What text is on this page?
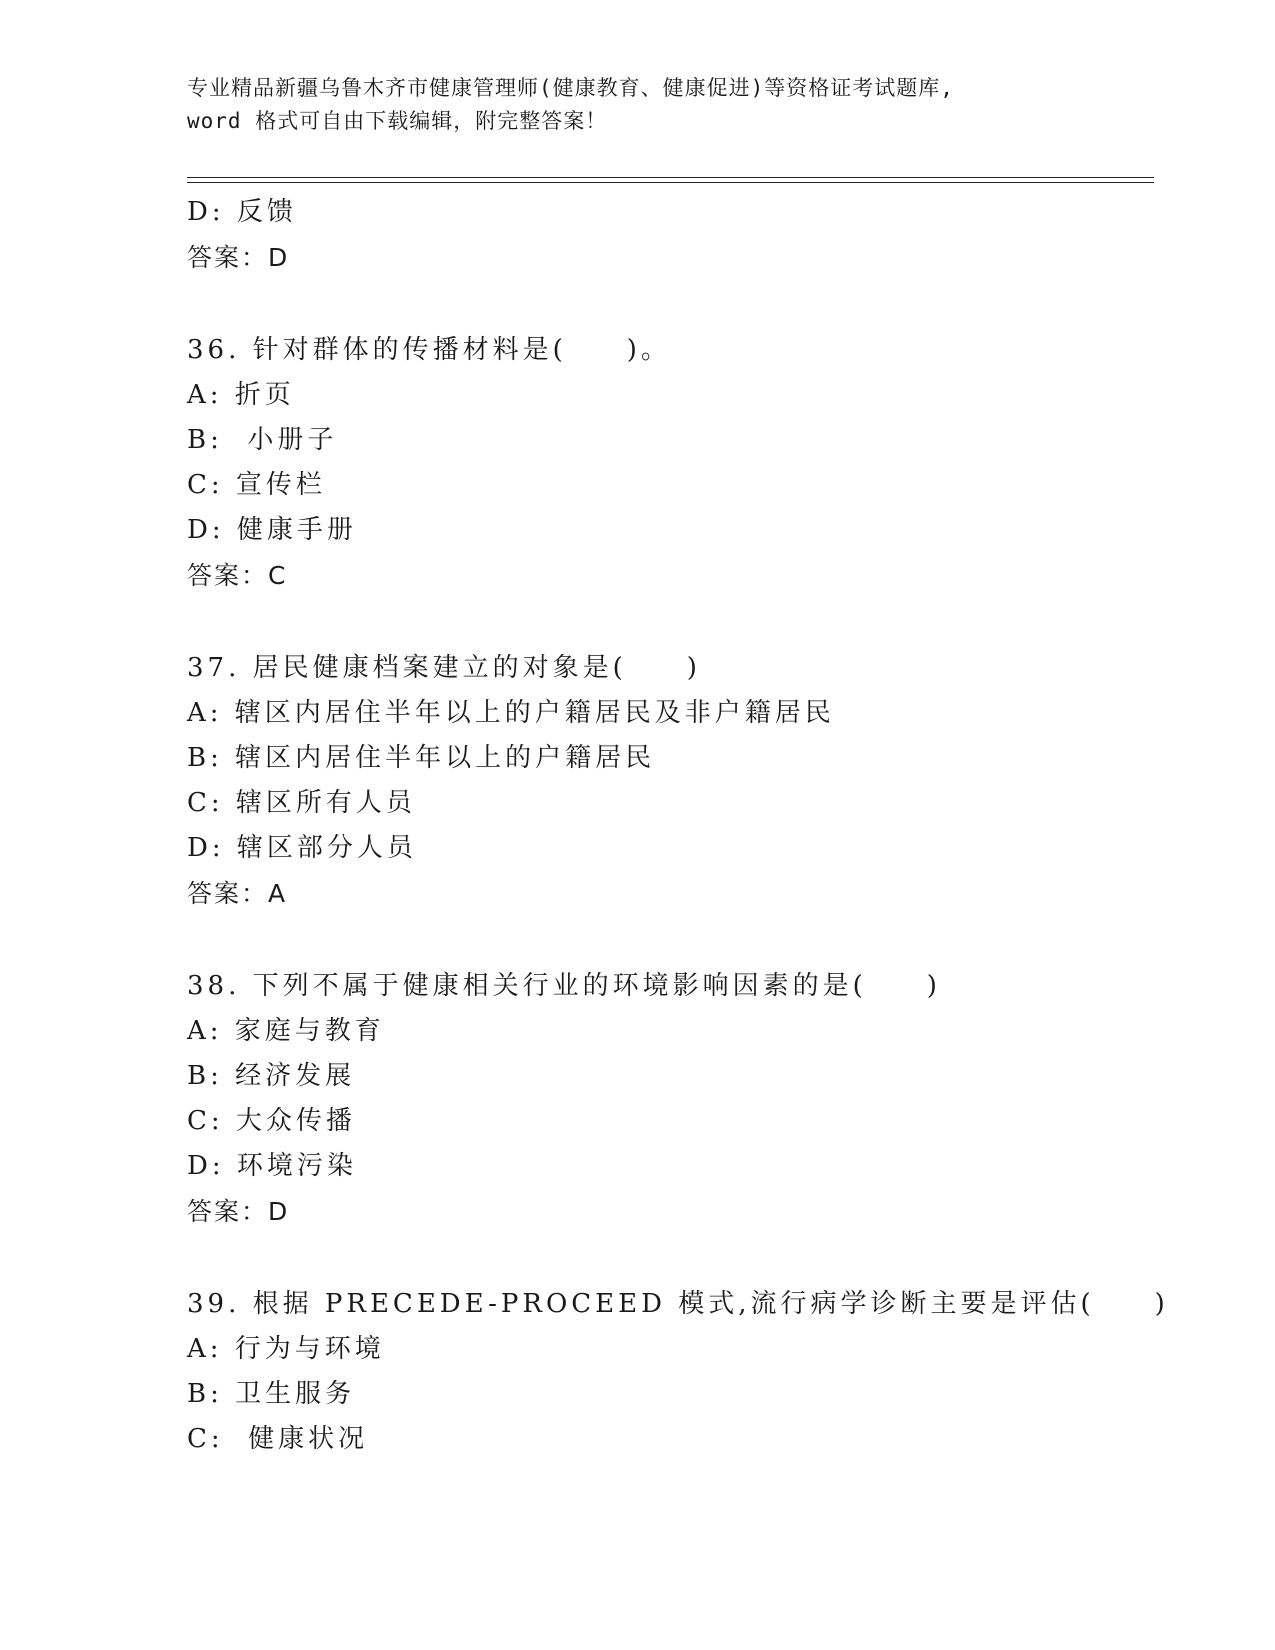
专业精品新疆乌鲁木齐市健康管理师(健康教育、健康促进)等资格证考试题库,
word 格式可自由下载编辑，附完整答案！
D: 反馈
答案：D
36. 针对群体的传播材料是(　　)。
A: 折页
B:  小册子
C: 宣传栏
D: 健康手册
答案：C
37. 居民健康档案建立的对象是(　　)
A: 辖区内居住半年以上的户籍居民及非户籍居民
B: 辖区内居住半年以上的户籍居民
C: 辖区所有人员
D: 辖区部分人员
答案：A
38. 下列不属于健康相关行业的环境影响因素的是(　　)
A: 家庭与教育
B: 经济发展
C: 大众传播
D: 环境污染
答案：D
39. 根据 PRECEDE-PROCEED 模式,流行病学诊断主要是评估(　　)
A: 行为与环境
B: 卫生服务
C:  健康状况
